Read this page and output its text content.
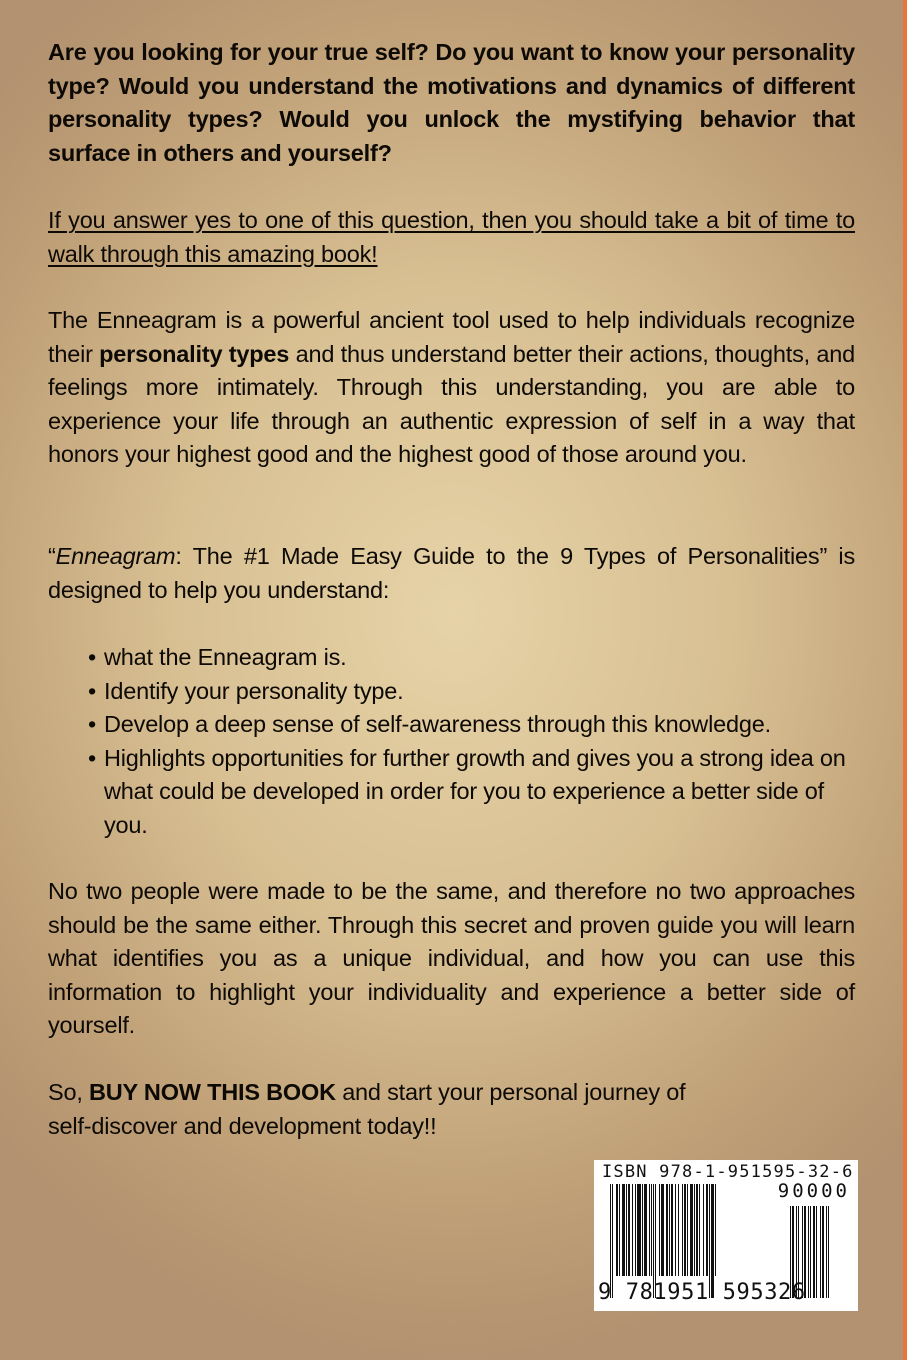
Are you looking for your true self? Do you want to know your personality type? Would you understand the motivations and dynamics of different personality types? Would you unlock the mystifying behavior that surface in others and yourself?

If you answer yes to one of this question, then you should take a bit of time to walk through this amazing book!

The Enneagram is a powerful ancient tool used to help individuals recognize their personality types and thus understand better their actions, thoughts, and feelings more intimately. Through this understanding, you are able to experience your life through an authentic expression of self in a way that honors your highest good and the highest good of those around you.

“Enneagram: The #1 Made Easy Guide to the 9 Types of Personalities” is designed to help you understand:

• what the Enneagram is.
• Identify your personality type.
• Develop a deep sense of self-awareness through this knowledge.
• Highlights opportunities for further growth and gives you a strong idea on what could be developed in order for you to experience a better side of you.

No two people were made to be the same, and therefore no two approaches should be the same either. Through this secret and proven guide you will learn what identifies you as a unique individual, and how you can use this information to highlight your individuality and experience a better side of yourself.

So, BUY NOW THIS BOOK and start your personal journey of
self-discover and development today!!
ISBN 978-1-951595-32-6
90000
9 781951 595326
